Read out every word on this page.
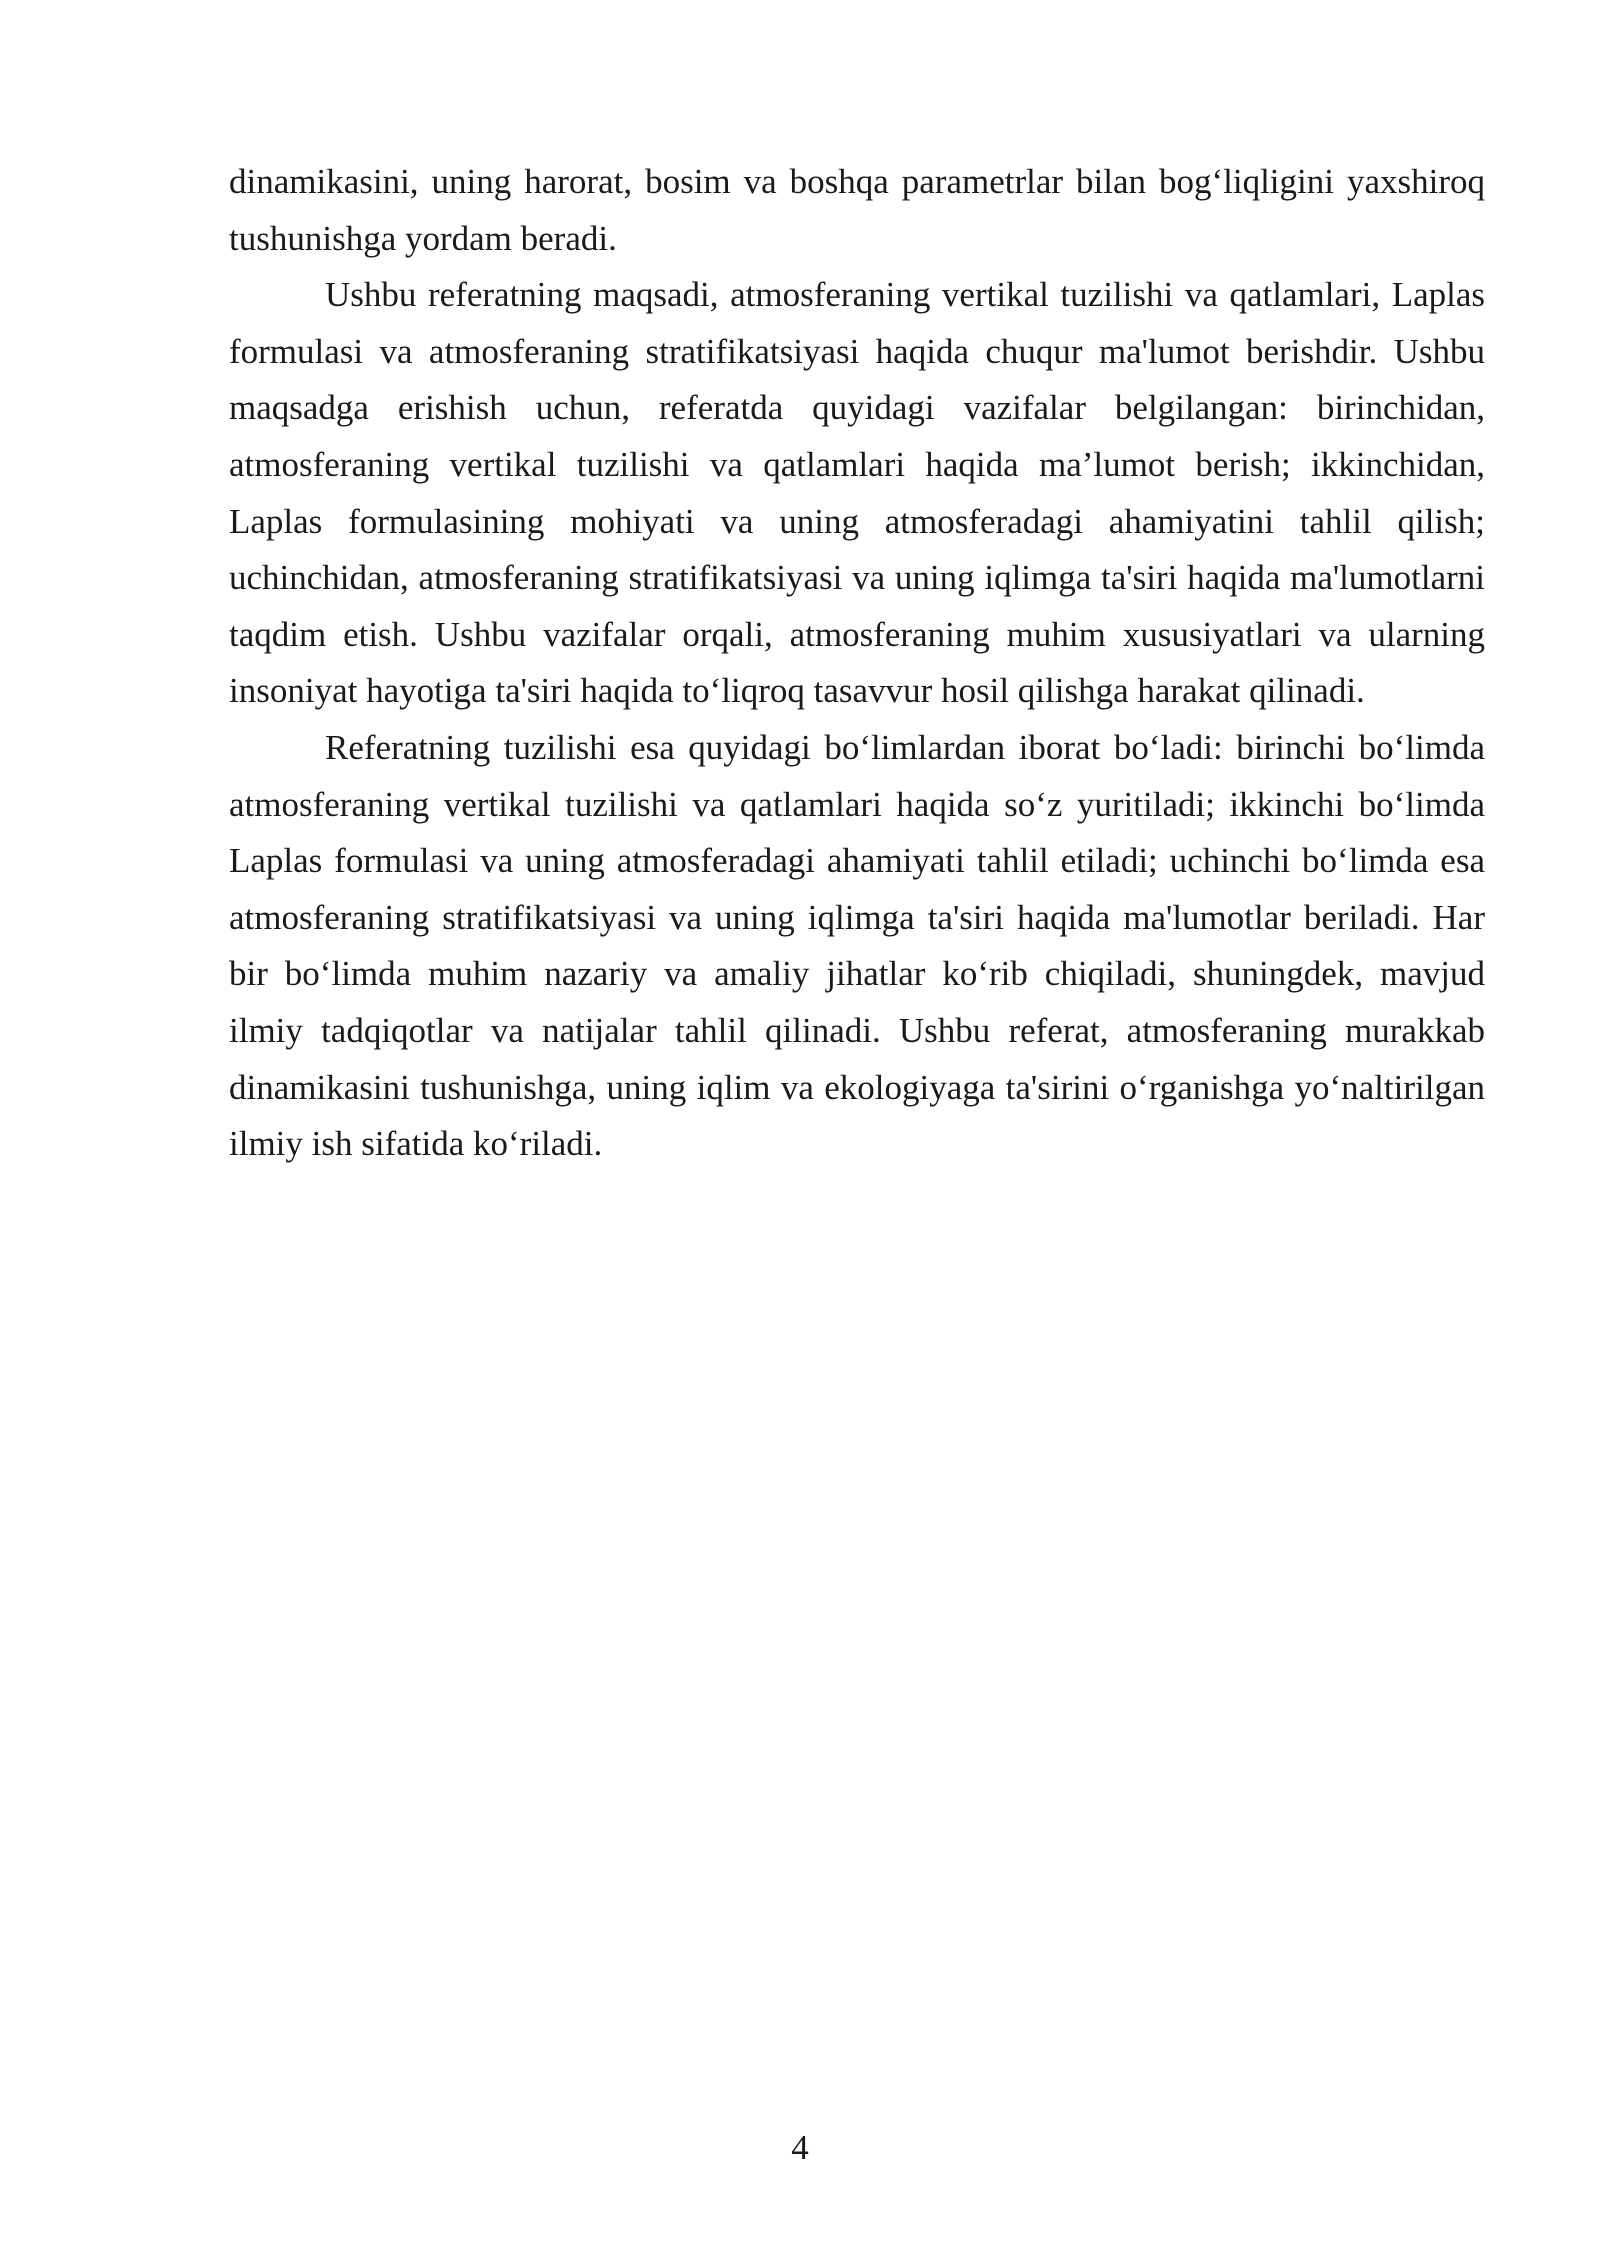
dinamikasini, uning harorat, bosim va boshqa parametrlar bilan bog‘liqligini yaxshiroq tushunishga yordam beradi.

Ushbu referatning maqsadi, atmosferaning vertikal tuzilishi va qatlamlari, Laplas formulasi va atmosferaning stratifikatsiyasi haqida chuqur ma'lumot berishdir. Ushbu maqsadga erishish uchun, referatda quyidagi vazifalar belgilangan: birinchidan, atmosferaning vertikal tuzilishi va qatlamlari haqida ma’lumot berish; ikkinchidan, Laplas formulasining mohiyati va uning atmosferadagi ahamiyatini tahlil qilish; uchinchidan, atmosferaning stratifikatsiyasi va uning iqlimga ta'siri haqida ma'lumotlarni taqdim etish. Ushbu vazifalar orqali, atmosferaning muhim xususiyatlari va ularning insoniyat hayotiga ta'siri haqida to‘liqroq tasavvur hosil qilishga harakat qilinadi.

Referatning tuzilishi esa quyidagi bo‘limlardan iborat bo‘ladi: birinchi bo‘limda atmosferaning vertikal tuzilishi va qatlamlari haqida so‘z yuritiladi; ikkinchi bo‘limda Laplas formulasi va uning atmosferadagi ahamiyati tahlil etiladi; uchinchi bo‘limda esa atmosferaning stratifikatsiyasi va uning iqlimga ta'siri haqida ma'lumotlar beriladi. Har bir bo‘limda muhim nazariy va amaliy jihatlar ko‘rib chiqiladi, shuningdek, mavjud ilmiy tadqiqotlar va natijalar tahlil qilinadi. Ushbu referat, atmosferaning murakkab dinamikasini tushunishga, uning iqlim va ekologiyaga ta'sirini o‘rganishga yo‘naltirilgan ilmiy ish sifatida ko‘riladi.

4
